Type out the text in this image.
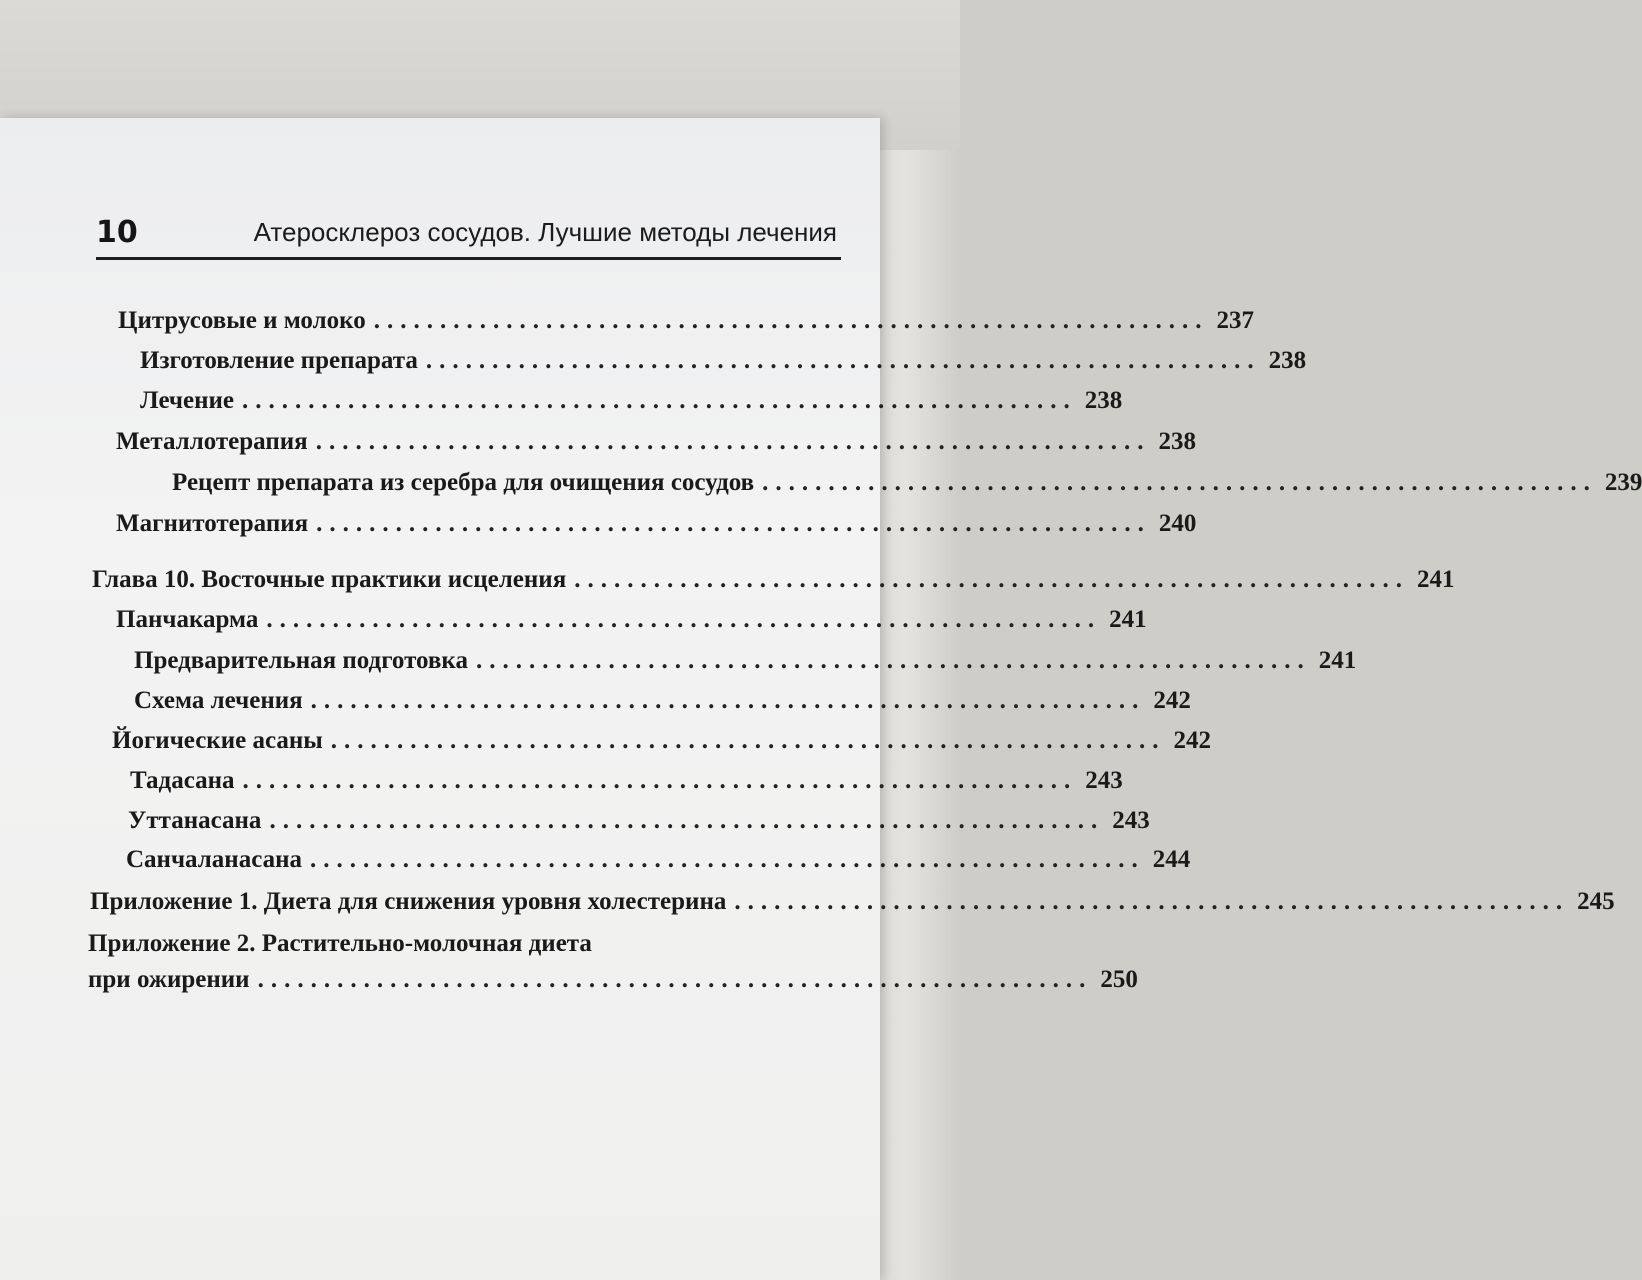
10	Атеросклероз сосудов. Лучшие методы лечения
Цитрусовые и молоко ............................................................... 237
Изготовление препарата ............................................................... 238
Лечение ............................................................... 238
Металлотерапия ............................................................... 238
Рецепт препарата из серебра для очищения сосудов ............................................................... 239
Магнитотерапия ............................................................... 240
Глава 10. Восточные практики исцеления ............................................................... 241
Панчакарма ............................................................... 241
Предварительная подготовка ............................................................... 241
Схема лечения ............................................................... 242
Йогические асаны ............................................................... 242
Тадасана ............................................................... 243
Уттанасана ............................................................... 243
Санчаланасана ............................................................... 244
Приложение 1. Диета для снижения уровня холестерина ............................................................... 245
Приложение 2. Растительно-молочная диета
при ожирении ............................................................... 250
